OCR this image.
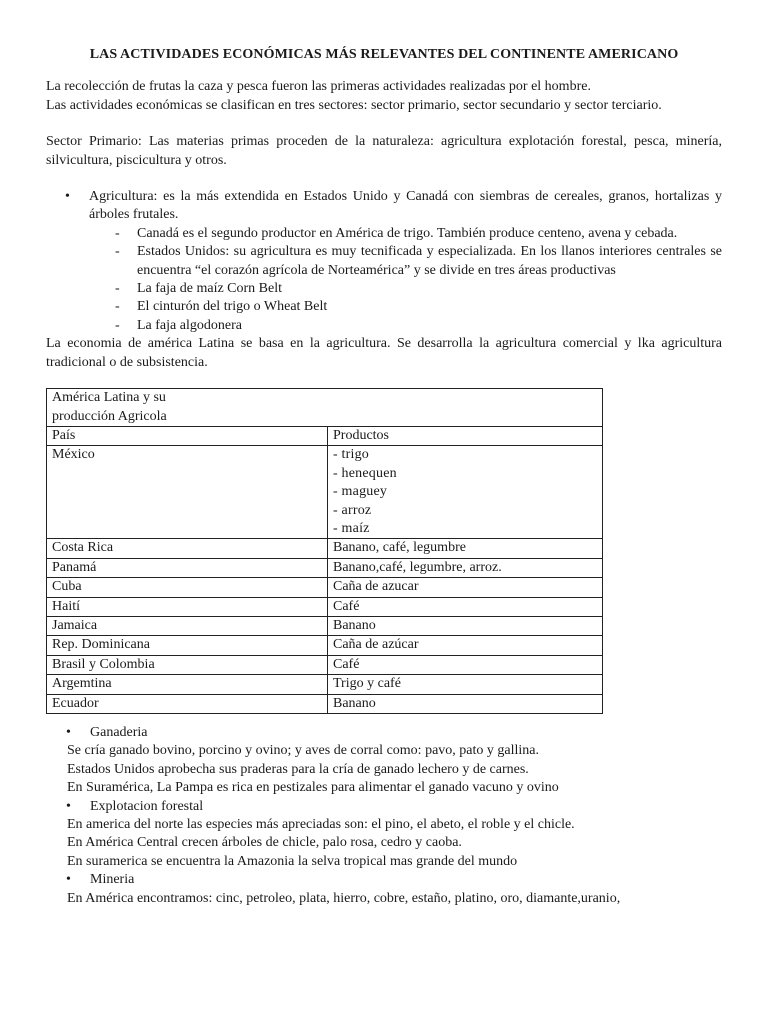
LAS ACTIVIDADES ECONÓMICAS MÁS RELEVANTES DEL CONTINENTE AMERICANO

La recolección de frutas la caza y pesca fueron las primeras actividades realizadas por el hombre.

Las actividades económicas se clasifican en tres sectores: sector primario, sector secundario y sector terciario.

Sector Primario: Las materias primas proceden de la naturaleza: agricultura explotación forestal, pesca, minería, silvicultura, piscicultura y otros.

• Agricultura: es la más extendida en Estados Unido y Canadá con siembras de cereales, granos, hortalizas y árboles frutales.
- Canadá es el segundo productor en América de trigo. También produce centeno, avena y cebada.
- Estados Unidos: su agricultura es muy tecnificada y especializada. En los llanos interiores centrales se encuentra “el corazón agrícola de Norteamérica” y se divide en tres áreas productivas
- La faja de maíz Corn Belt
- El cinturón del trigo o Wheat Belt
- La faja algodonera

La economia de américa Latina se basa en la agricultura. Se desarrolla la agricultura comercial y lka agricultura tradicional o de subsistencia.

América Latina y su
producción Agricola	

País	Productos
México	- trigo
- henequen
- maguey
- arroz
- maíz

Costa Rica	Banano, café, legumbre
Panamá	Banano,café, legumbre, arroz.
Cuba	Caña de azucar
Haití	Café
Jamaica	Banano
Rep. Dominicana	Caña de azúcar
Brasil y Colombia	Café
Argemtina	Trigo y café
Ecuador	Banano
• Ganaderia

Se cría ganado bovino, porcino y ovino; y aves de corral como: pavo, pato y gallina.

Estados Unidos aprobecha sus praderas para la cría de ganado lechero y de carnes.

En Suramérica, La Pampa es rica en pestizales para alimentar el ganado vacuno y ovino

• Explotacion forestal

En america del norte las especies más apreciadas son: el pino, el abeto, el roble y el chicle.

En América Central crecen árboles de chicle, palo rosa, cedro y caoba.

En suramerica se encuentra la Amazonia la selva tropical mas grande del mundo

• Mineria

En América encontramos: cinc, petroleo, plata, hierro, cobre, estaño, platino, oro, diamante,uranio,
